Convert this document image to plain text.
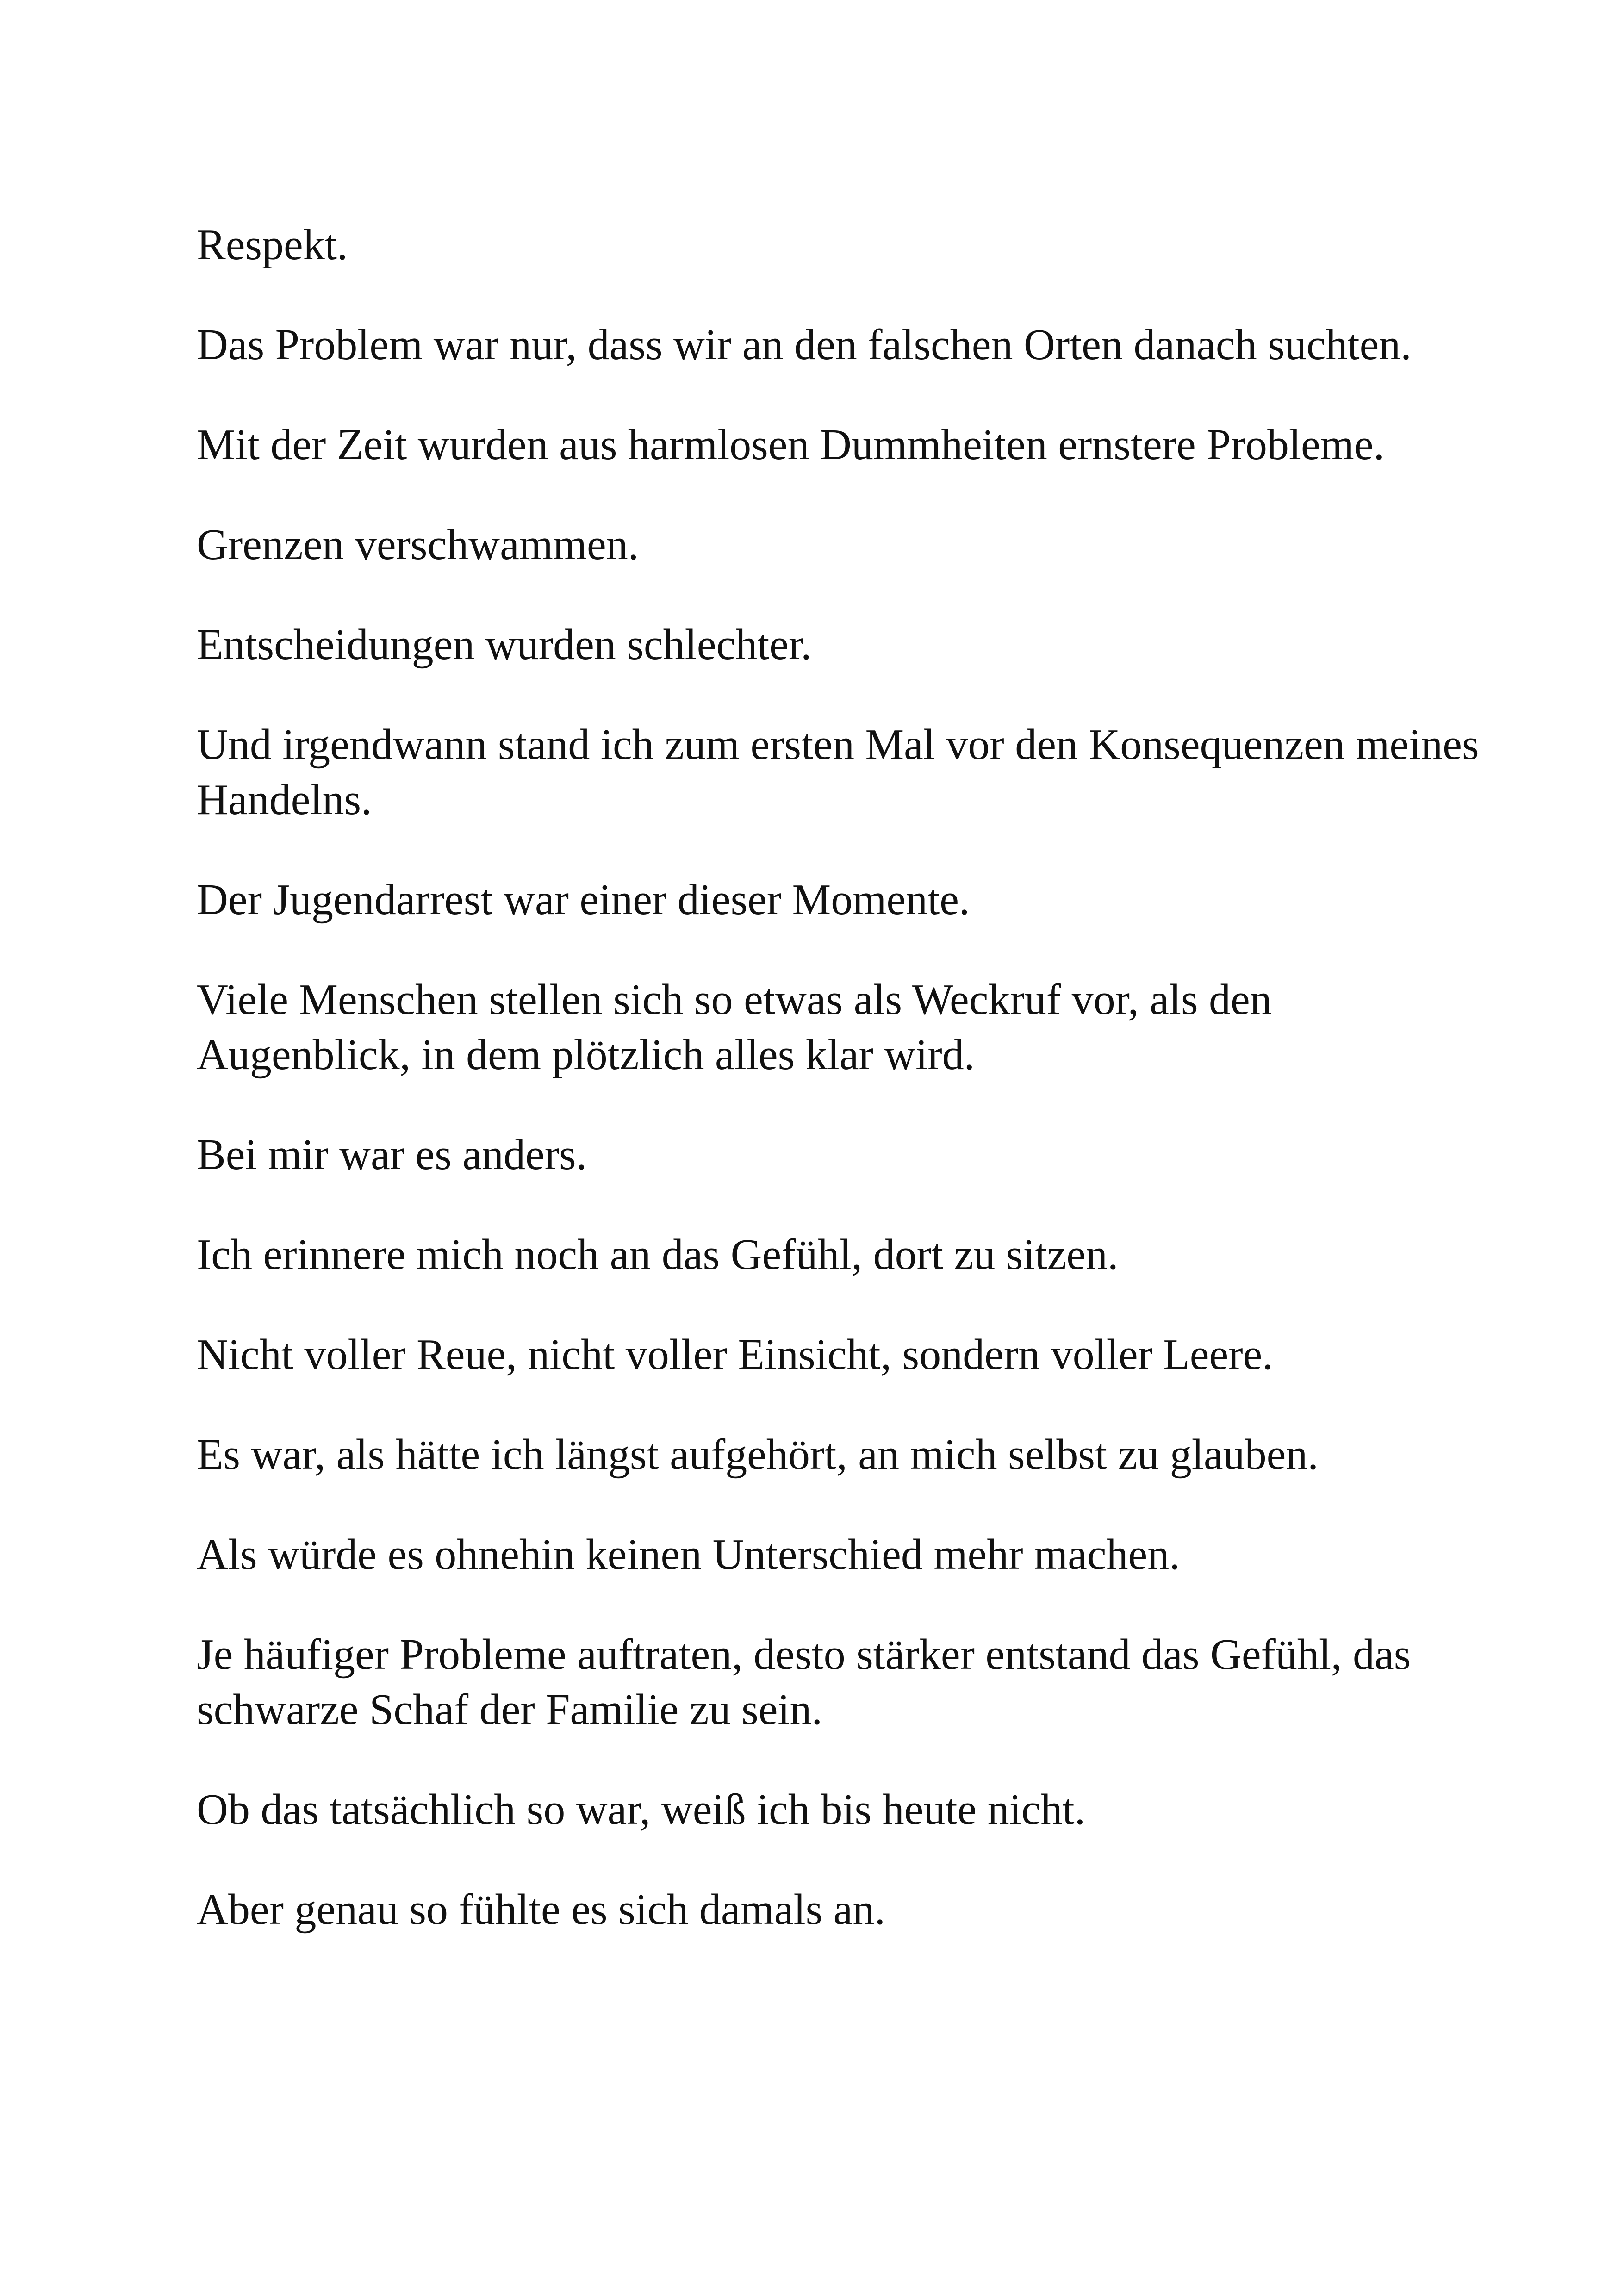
Respekt.

Das Problem war nur, dass wir an den falschen Orten danach suchten.

Mit der Zeit wurden aus harmlosen Dummheiten ernstere Probleme.

Grenzen verschwammen.

Entscheidungen wurden schlechter.

Und irgendwann stand ich zum ersten Mal vor den Konsequenzen meines Handelns.

Der Jugendarrest war einer dieser Momente.

Viele Menschen stellen sich so etwas als Weckruf vor, als den Augenblick, in dem plötzlich alles klar wird.

Bei mir war es anders.

Ich erinnere mich noch an das Gefühl, dort zu sitzen.

Nicht voller Reue, nicht voller Einsicht, sondern voller Leere.

Es war, als hätte ich längst aufgehört, an mich selbst zu glauben.

Als würde es ohnehin keinen Unterschied mehr machen.

Je häufiger Probleme auftraten, desto stärker entstand das Gefühl, das schwarze Schaf der Familie zu sein.

Ob das tatsächlich so war, weiß ich bis heute nicht.

Aber genau so fühlte es sich damals an.
